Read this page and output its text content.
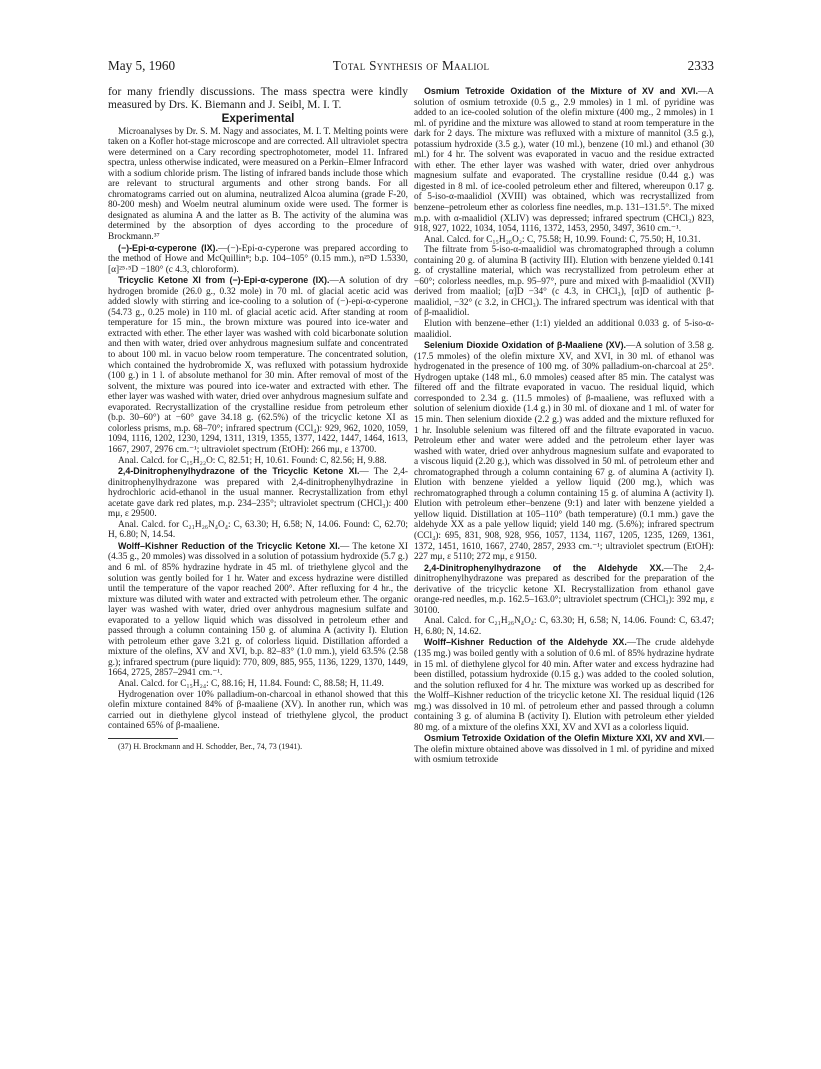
May 5, 1960	Total Synthesis of Maaliol	2333

for many friendly discussions. The mass spectra were kindly measured by Drs. K. Biemann and J. Seibl, M. I. T.

Experimental

Microanalyses by Dr. S. M. Nagy and associates, M. I. T. Melting points were taken on a Kofler hot-stage microscope and are corrected. All ultraviolet spectra were determined on a Cary recording spectrophotometer, model 11. Infrared spectra, unless otherwise indicated, were measured on a Perkin–Elmer Infracord with a sodium chloride prism. The listing of infrared bands include those which are relevant to structural arguments and other strong bands. For all chromatograms carried out on alumina, neutralized Alcoa alumina (grade F-20, 80-200 mesh) and Woelm neutral aluminum oxide were used. The former is designated as alumina A and the latter as B. The activity of the alumina was determined by the absorption of dyes according to the procedure of Brockmann.³⁷

(−)-Epi-α-cyperone (IX).—(−)-Epi-α-cyperone was prepared according to the method of Howe and McQuillin⁸; b.p. 104–105° (0.15 mm.), n²⁵D 1.5330, [α]²⁵·⁵D −180° (c 4.3, chloroform).

Tricyclic Ketone XI from (−)-Epi-α-cyperone (IX).—A solution of dry hydrogen bromide (26.0 g., 0.32 mole) in 70 ml. of glacial acetic acid was added slowly with stirring and ice-cooling to a solution of (−)-epi-α-cyperone (54.73 g., 0.25 mole) in 110 ml. of glacial acetic acid. After standing at room temperature for 15 min., the brown mixture was poured into ice-water and extracted with ether. The ether layer was washed with cold bicarbonate solution and then with water, dried over anhydrous magnesium sulfate and concentrated to about 100 ml. in vacuo below room temperature. The concentrated solution, which contained the hydrobromide X, was refluxed with potassium hydroxide (100 g.) in 1 l. of absolute methanol for 30 min. After removal of most of the solvent, the mixture was poured into ice-water and extracted with ether. The ether layer was washed with water, dried over anhydrous magnesium sulfate and evaporated. Recrystallization of the crystalline residue from petroleum ether (b.p. 30–60°) at −60° gave 34.18 g. (62.5%) of the tricyclic ketone XI as colorless prisms, m.p. 68–70°; infrared spectrum (CCl₄): 929, 962, 1020, 1059, 1094, 1116, 1202, 1230, 1294, 1311, 1319, 1355, 1377, 1422, 1447, 1464, 1613, 1667, 2907, 2976 cm.⁻¹; ultraviolet spectrum (EtOH): 266 mμ, ε 13700.

Anal. Calcd. for C₁₅H₂₂O: C, 82.51; H, 10.61. Found: C, 82.56; H, 9.88.

2,4-Dinitrophenylhydrazone of the Tricyclic Ketone XI.— The 2,4-dinitrophenylhydrazone was prepared with 2,4-dinitrophenylhydrazine in hydrochloric acid-ethanol in the usual manner. Recrystallization from ethyl acetate gave dark red plates, m.p. 234–235°; ultraviolet spectrum (CHCl₃): 400 mμ, ε 29500.

Anal. Calcd. for C₂₁H₂₆N₄O₄: C, 63.30; H, 6.58; N, 14.06. Found: C, 62.70; H, 6.80; N, 14.54.

Wolff–Kishner Reduction of the Tricyclic Ketone XI.— The ketone XI (4.35 g., 20 mmoles) was dissolved in a solution of potassium hydroxide (5.7 g.) and 6 ml. of 85% hydrazine hydrate in 45 ml. of triethylene glycol and the solution was gently boiled for 1 hr. Water and excess hydrazine were distilled until the temperature of the vapor reached 200°. After refluxing for 4 hr., the mixture was diluted with water and extracted with petroleum ether. The organic layer was washed with water, dried over anhydrous magnesium sulfate and evaporated to a yellow liquid which was dissolved in petroleum ether and passed through a column containing 150 g. of alumina A (activity I). Elution with petroleum ether gave 3.21 g. of colorless liquid. Distillation afforded a mixture of the olefins, XV and XVI, b.p. 82–83° (1.0 mm.), yield 63.5% (2.58 g.); infrared spectrum (pure liquid): 770, 809, 885, 955, 1136, 1229, 1370, 1449, 1664, 2725, 2857–2941 cm.⁻¹.

Anal. Calcd. for C₁₅H₂₄: C, 88.16; H, 11.84. Found: C, 88.58; H, 11.49.

Hydrogenation over 10% palladium-on-charcoal in ethanol showed that this olefin mixture contained 84% of β-maaliene (XV). In another run, which was carried out in diethylene glycol instead of triethylene glycol, the product contained 65% of β-maaliene.

(37) H. Brockmann and H. Schodder, Ber., 74, 73 (1941).

Osmium Tetroxide Oxidation of the Mixture of XV and XVI.—A solution of osmium tetroxide (0.5 g., 2.9 mmoles) in 1 ml. of pyridine was added to an ice-cooled solution of the olefin mixture (400 mg., 2 mmoles) in 1 ml. of pyridine and the mixture was allowed to stand at room temperature in the dark for 2 days. The mixture was refluxed with a mixture of mannitol (3.5 g.), potassium hydroxide (3.5 g.), water (10 ml.), benzene (10 ml.) and ethanol (30 ml.) for 4 hr. The solvent was evaporated in vacuo and the residue extracted with ether. The ether layer was washed with water, dried over anhydrous magnesium sulfate and evaporated. The crystalline residue (0.44 g.) was digested in 8 ml. of ice-cooled petroleum ether and filtered, whereupon 0.17 g. of 5-iso-α-maalidiol (XVIII) was obtained, which was recrystallized from benzene–petroleum ether as colorless fine needles, m.p. 131–131.5°. The mixed m.p. with α-maalidiol (XLIV) was depressed; infrared spectrum (CHCl₃) 823, 918, 927, 1022, 1034, 1054, 1116, 1372, 1453, 2950, 3497, 3610 cm.⁻¹.

Anal. Calcd. for C₁₅H₂₆O₂: C, 75.58; H, 10.99. Found: C, 75.50; H, 10.31.

The filtrate from 5-iso-α-maalidiol was chromatographed through a column containing 20 g. of alumina B (activity III). Elution with benzene yielded 0.141 g. of crystalline material, which was recrystallized from petroleum ether at −60°; colorless needles, m.p. 95–97°, pure and mixed with β-maalidiol (XVII) derived from maaliol; [α]D −34° (c 4.3, in CHCl₃), [α]D of authentic β-maalidiol, −32° (c 3.2, in CHCl₃). The infrared spectrum was identical with that of β-maalidiol.

Elution with benzene–ether (1:1) yielded an additional 0.033 g. of 5-iso-α-maalidiol.

Selenium Dioxide Oxidation of β-Maaliene (XV).—A solution of 3.58 g. (17.5 mmoles) of the olefin mixture XV, and XVI, in 30 ml. of ethanol was hydrogenated in the presence of 100 mg. of 30% palladium-on-charcoal at 25°. Hydrogen uptake (148 ml., 6.0 mmoles) ceased after 85 min. The catalyst was filtered off and the filtrate evaporated in vacuo. The residual liquid, which corresponded to 2.34 g. (11.5 mmoles) of β-maaliene, was refluxed with a solution of selenium dioxide (1.4 g.) in 30 ml. of dioxane and 1 ml. of water for 15 min. Then selenium dioxide (2.2 g.) was added and the mixture refluxed for 1 hr. Insoluble selenium was filtered off and the filtrate evaporated in vacuo. Petroleum ether and water were added and the petroleum ether layer was washed with water, dried over anhydrous magnesium sulfate and evaporated to a viscous liquid (2.20 g.), which was dissolved in 50 ml. of petroleum ether and chromatographed through a column containing 67 g. of alumina A (activity I). Elution with benzene yielded a yellow liquid (200 mg.), which was rechromatographed through a column containing 15 g. of alumina A (activity I). Elution with petroleum ether–benzene (9:1) and later with benzene yielded a yellow liquid. Distillation at 105–110° (bath temperature) (0.1 mm.) gave the aldehyde XX as a pale yellow liquid; yield 140 mg. (5.6%); infrared spectrum (CCl₄): 695, 831, 908, 928, 956, 1057, 1134, 1167, 1205, 1235, 1269, 1361, 1372, 1451, 1610, 1667, 2740, 2857, 2933 cm.⁻¹; ultraviolet spectrum (EtOH): 227 mμ, ε 5110; 272 mμ, ε 9150.

2,4-Dinitrophenylhydrazone of the Aldehyde XX.—The 2,4-dinitrophenylhydrazone was prepared as described for the preparation of the derivative of the tricyclic ketone XI. Recrystallization from ethanol gave orange-red needles, m.p. 162.5–163.0°; ultraviolet spectrum (CHCl₃): 392 mμ, ε 30100.

Anal. Calcd. for C₂₁H₂₆N₄O₄: C, 63.30; H, 6.58; N, 14.06. Found: C, 63.47; H, 6.80; N, 14.62.

Wolff–Kishner Reduction of the Aldehyde XX.—The crude aldehyde (135 mg.) was boiled gently with a solution of 0.6 ml. of 85% hydrazine hydrate in 15 ml. of diethylene glycol for 40 min. After water and excess hydrazine had been distilled, potassium hydroxide (0.15 g.) was added to the cooled solution, and the solution refluxed for 4 hr. The mixture was worked up as described for the Wolff–Kishner reduction of the tricyclic ketone XI. The residual liquid (126 mg.) was dissolved in 10 ml. of petroleum ether and passed through a column containing 3 g. of alumina B (activity I). Elution with petroleum ether yielded 80 mg. of a mixture of the olefins XXI, XV and XVI as a colorless liquid.

Osmium Tetroxide Oxidation of the Olefin Mixture XXI, XV and XVI.—The olefin mixture obtained above was dissolved in 1 ml. of pyridine and mixed with osmium tetroxide
